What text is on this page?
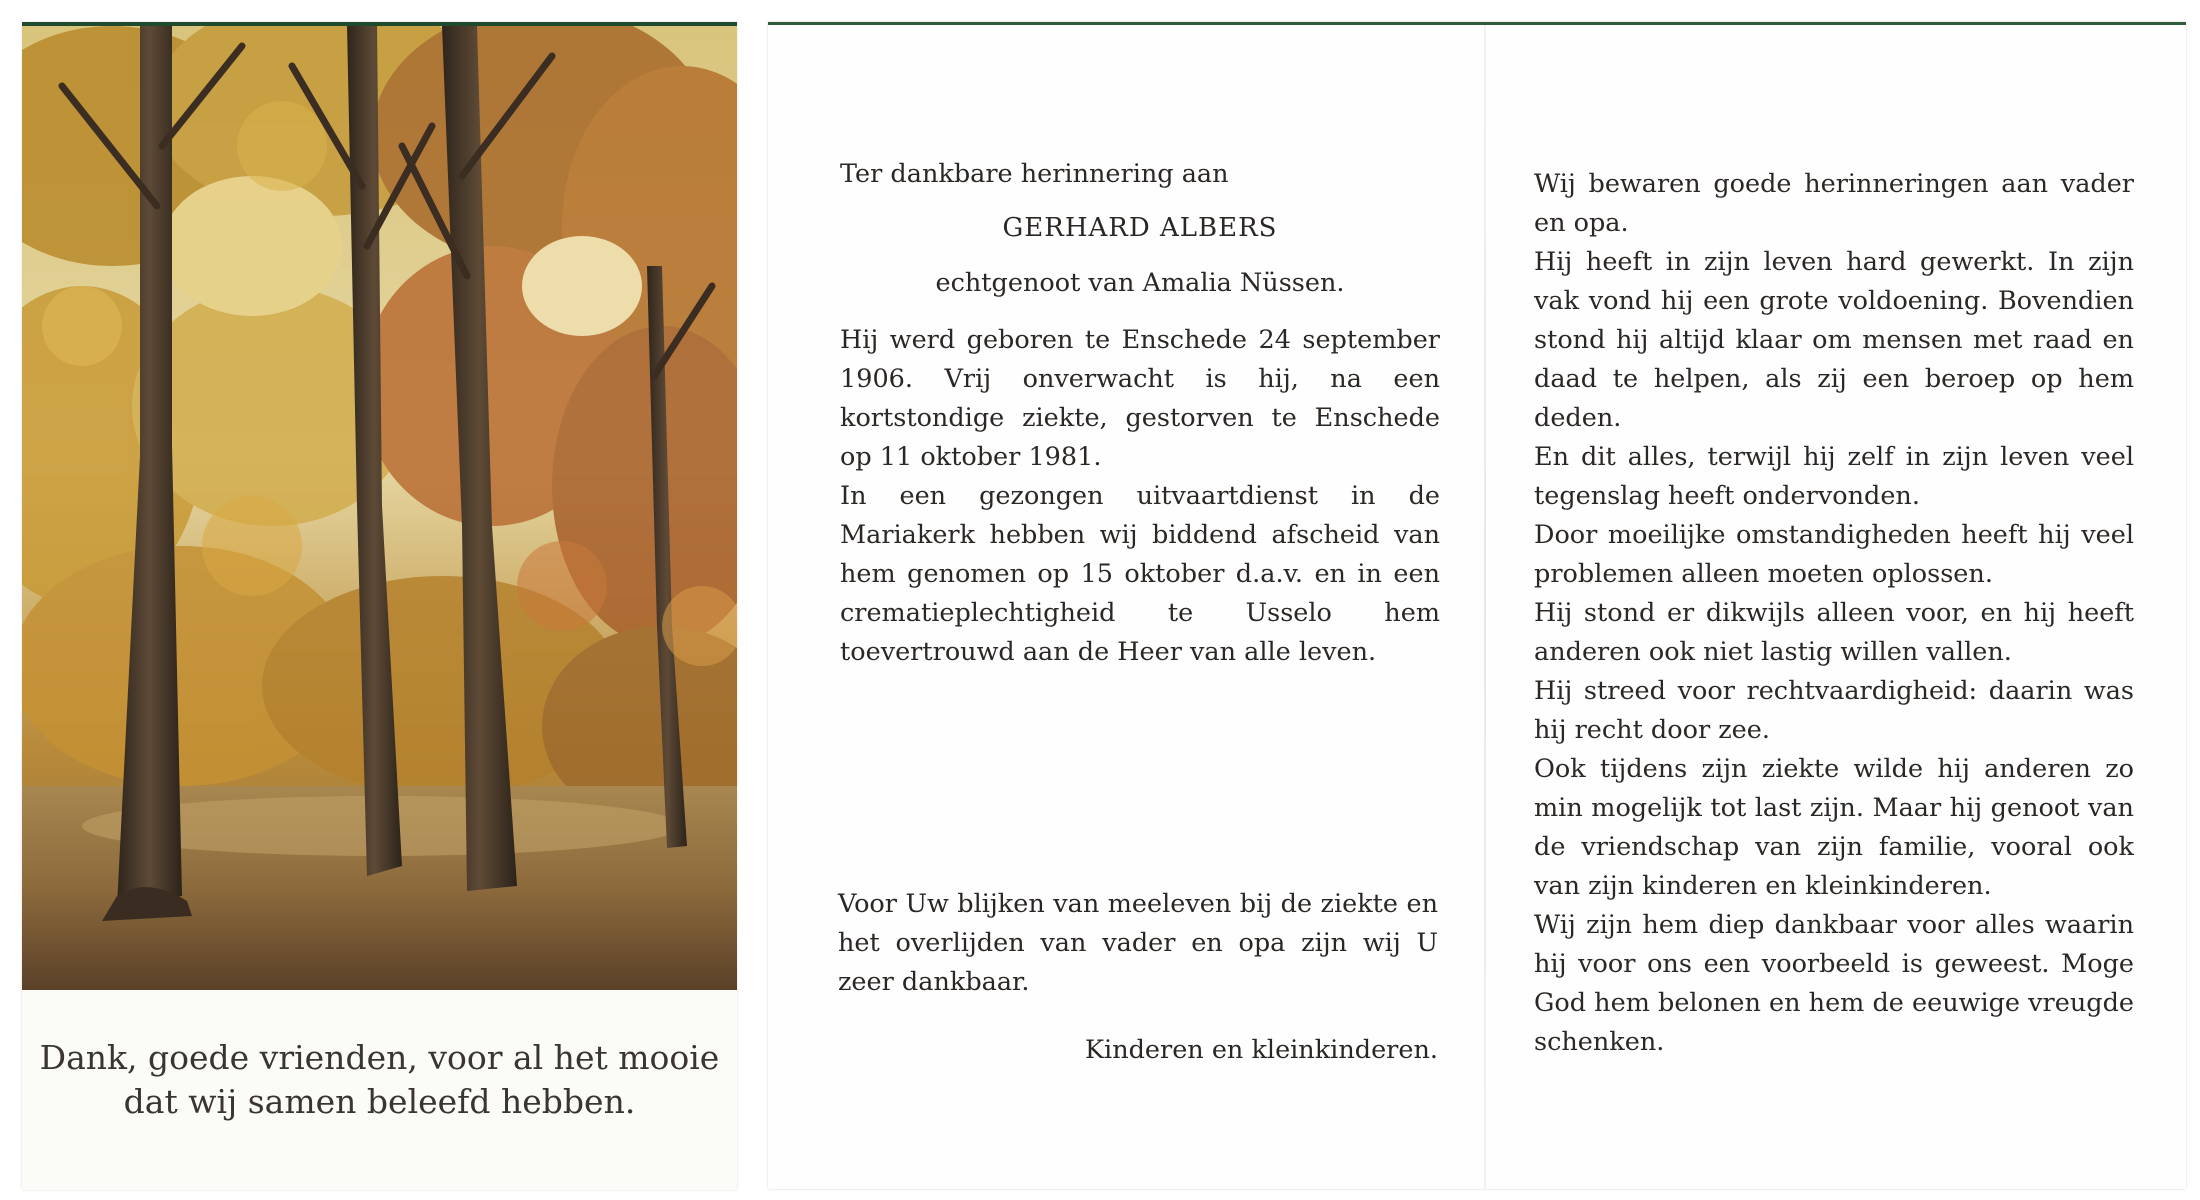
Dank, goede vrienden, voor al het mooie
dat wij samen beleefd hebben.
Ter dankbare herinnering aan
GERHARD ALBERS
echtgenoot van Amalia Nüssen.

Hij werd geboren te Enschede 24 september 1906. Vrij onverwacht is hij, na een kortstondige ziekte, gestorven te Enschede op 11 oktober 1981.

In een gezongen uitvaartdienst in de Mariakerk hebben wij biddend afscheid van hem genomen op 15 oktober d.a.v. en in een crematieplechtigheid te Usselo hem toevertrouwd aan de Heer van alle leven.

Voor Uw blijken van meeleven bij de ziekte en het overlijden van vader en opa zijn wij U zeer dankbaar.

Kinderen en kleinkinderen.

Wij bewaren goede herinneringen aan vader en opa.

Hij heeft in zijn leven hard gewerkt. In zijn vak vond hij een grote voldoening. Bovendien stond hij altijd klaar om mensen met raad en daad te helpen, als zij een beroep op hem deden.

En dit alles, terwijl hij zelf in zijn leven veel tegenslag heeft ondervonden.

Door moeilijke omstandigheden heeft hij veel problemen alleen moeten oplossen.

Hij stond er dikwijls alleen voor, en hij heeft anderen ook niet lastig willen vallen.

Hij streed voor rechtvaardigheid: daarin was hij recht door zee.

Ook tijdens zijn ziekte wilde hij anderen zo min mogelijk tot last zijn. Maar hij genoot van de vriendschap van zijn familie, vooral ook van zijn kinderen en kleinkinderen.

Wij zijn hem diep dankbaar voor alles waarin hij voor ons een voorbeeld is geweest. Moge God hem belonen en hem de eeuwige vreugde schenken.
